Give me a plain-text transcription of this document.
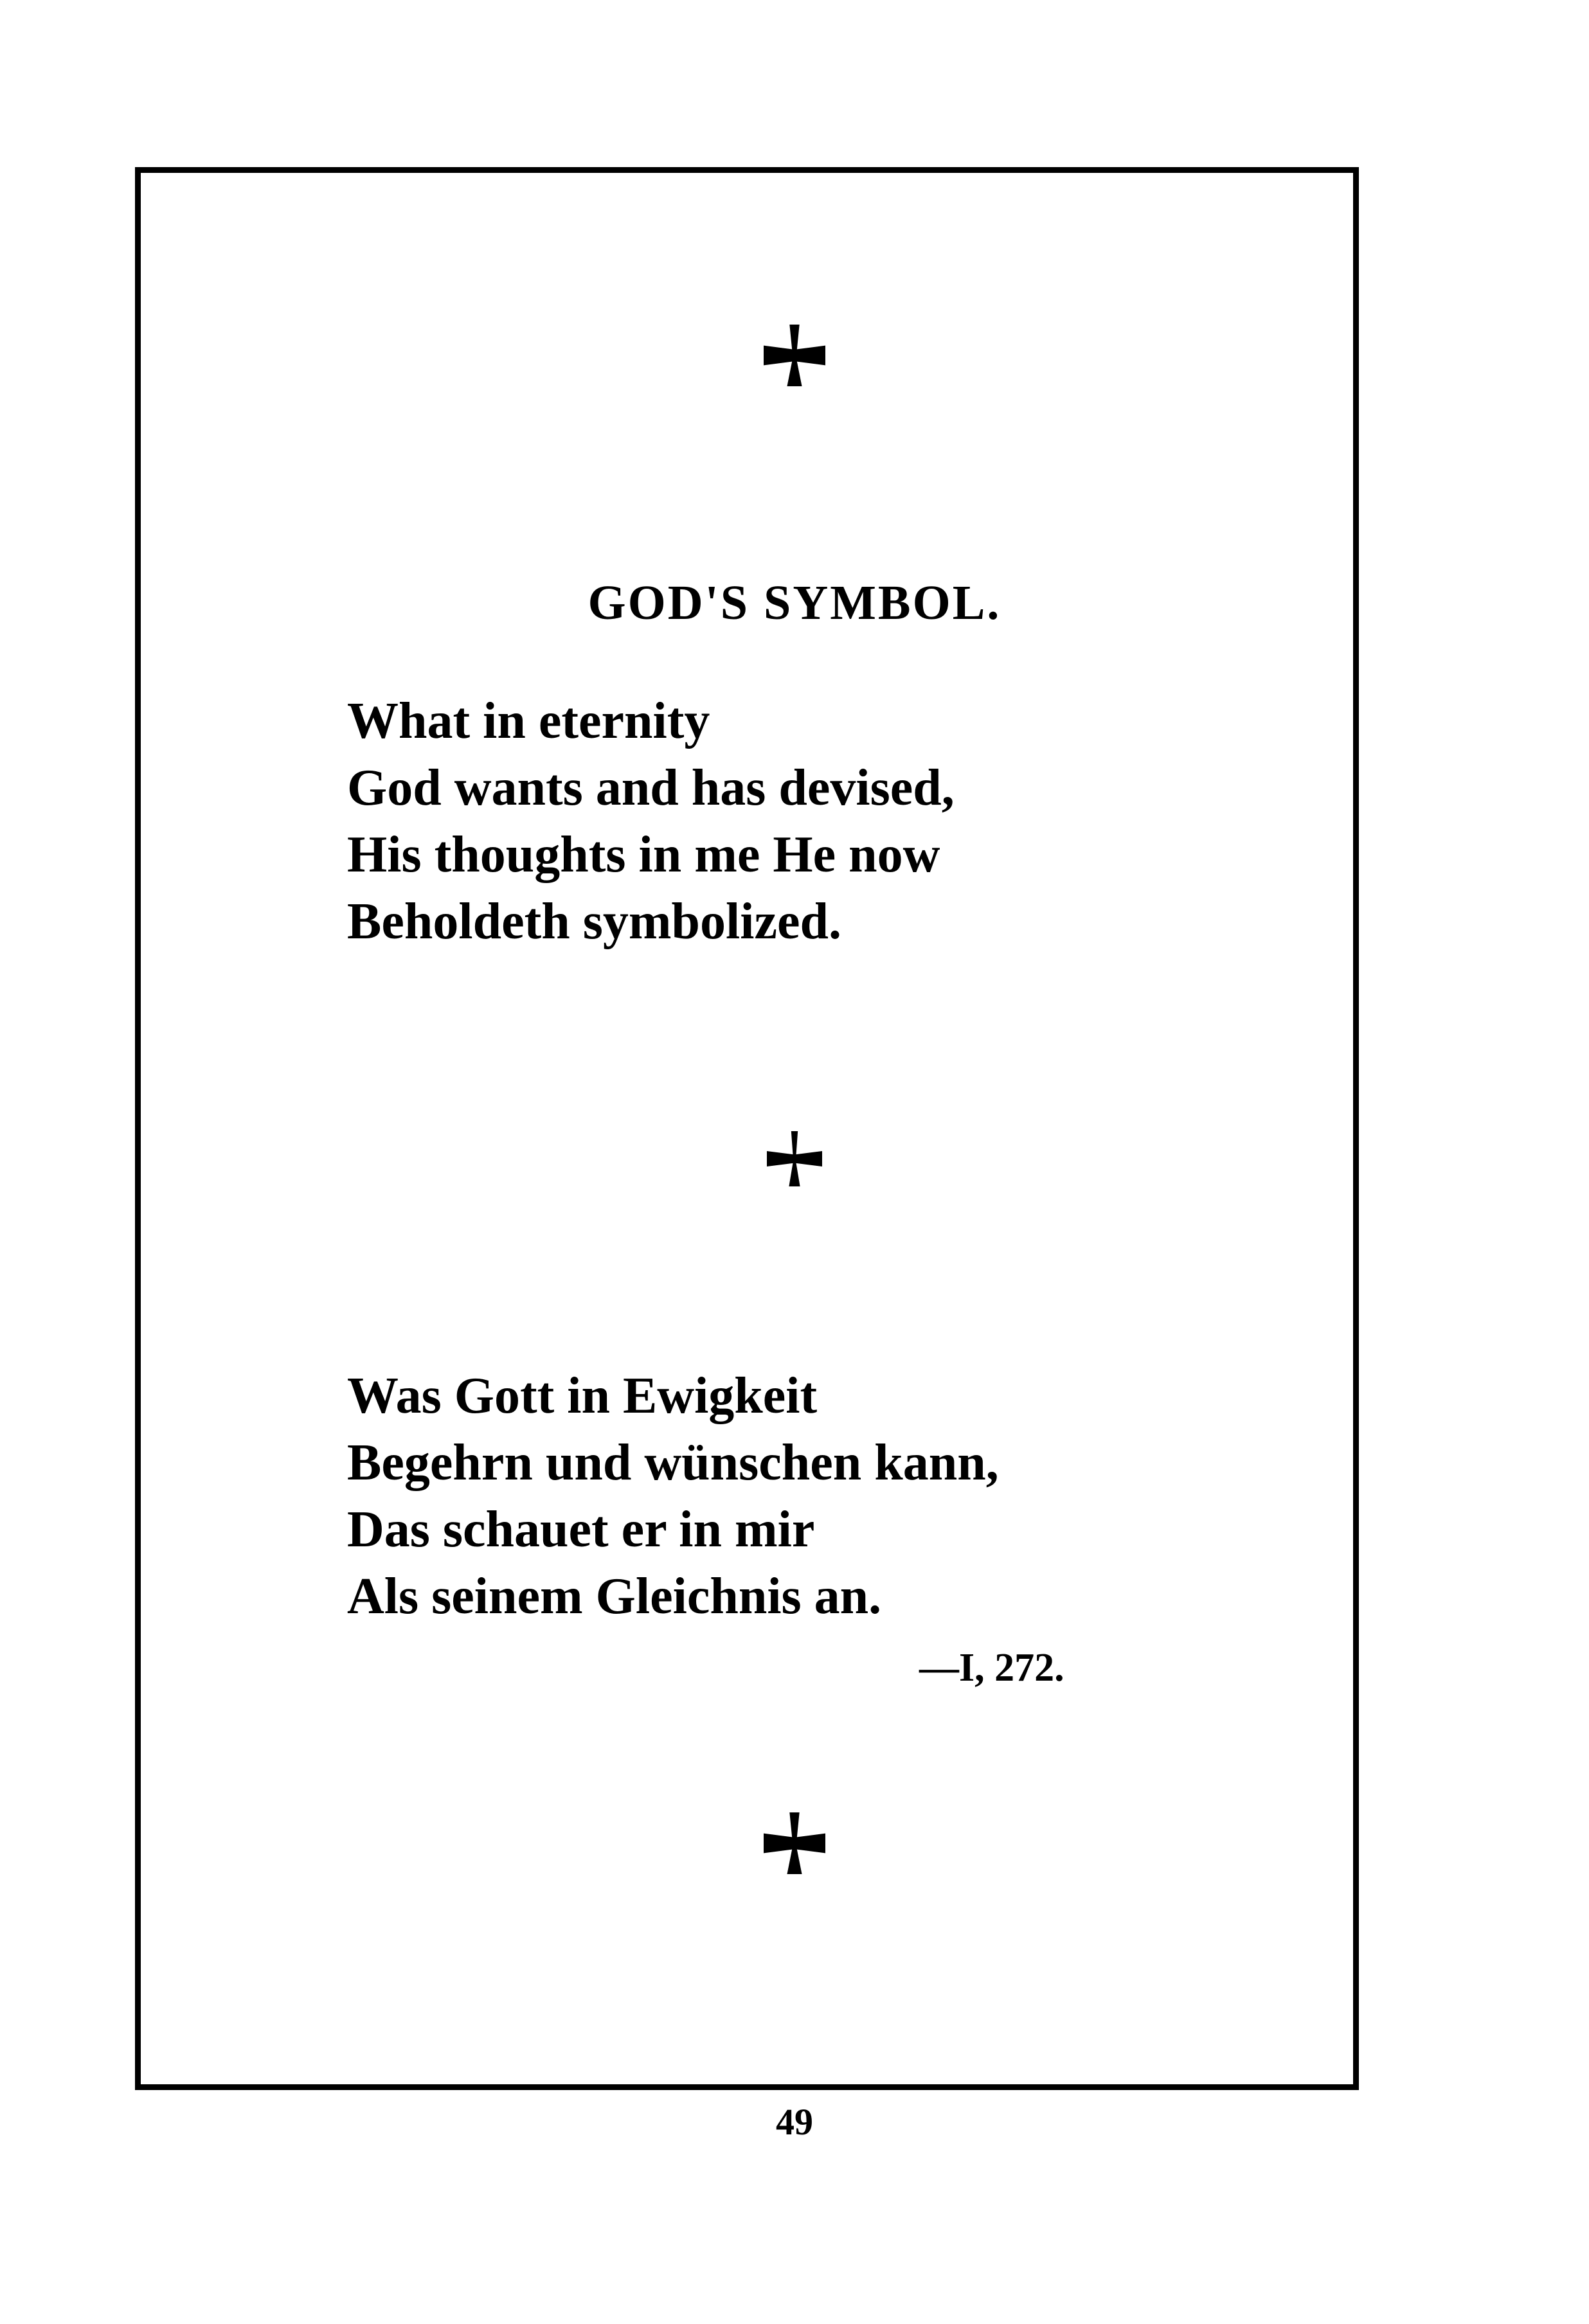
GOD'S SYMBOL.
What in eternity
God wants and has devised,
His thoughts in me He now
Beholdeth symbolized.
Was Gott in Ewigkeit
Begehrn und wünschen kann,
Das schauet er in mir
Als seinem Gleichnis an.
—I, 272.
49
